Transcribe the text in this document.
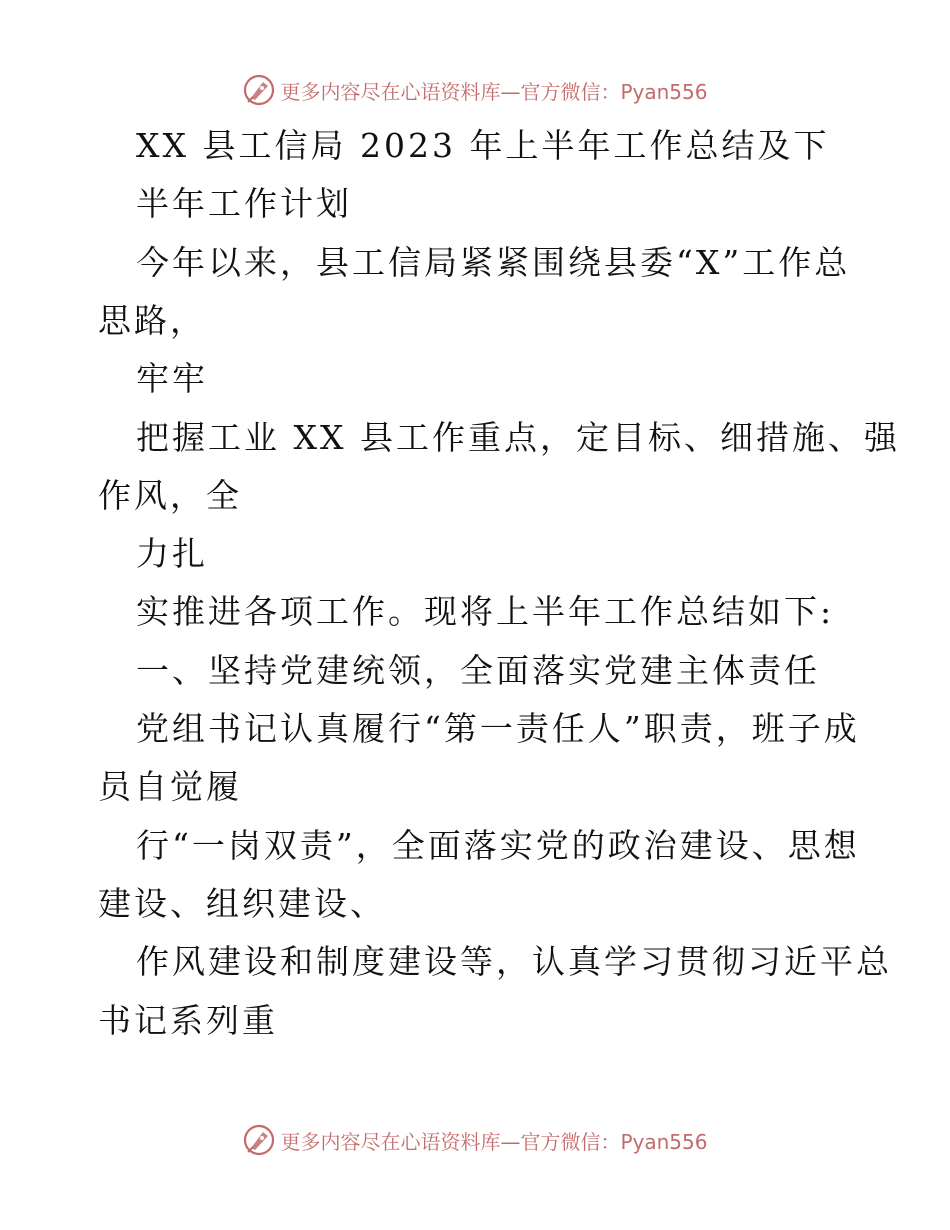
更多内容尽在心语资料库—官方微信：Pyan556
XX 县工信局 2023 年上半年工作总结及下
半年工作计划
今年以来，县工信局紧紧围绕县委“X”工作总
思路，
牢牢
把握工业 XX 县工作重点，定目标、细措施、强
作风，全
力扎
实推进各项工作。现将上半年工作总结如下:
一、坚持党建统领，全面落实党建主体责任
党组书记认真履行“第一责任人”职责，班子成
员自觉履
行“一岗双责”，全面落实党的政治建设、思想
建设、组织建设、
作风建设和制度建设等，认真学习贯彻习近平总
书记系列重
更多内容尽在心语资料库—官方微信：Pyan556
